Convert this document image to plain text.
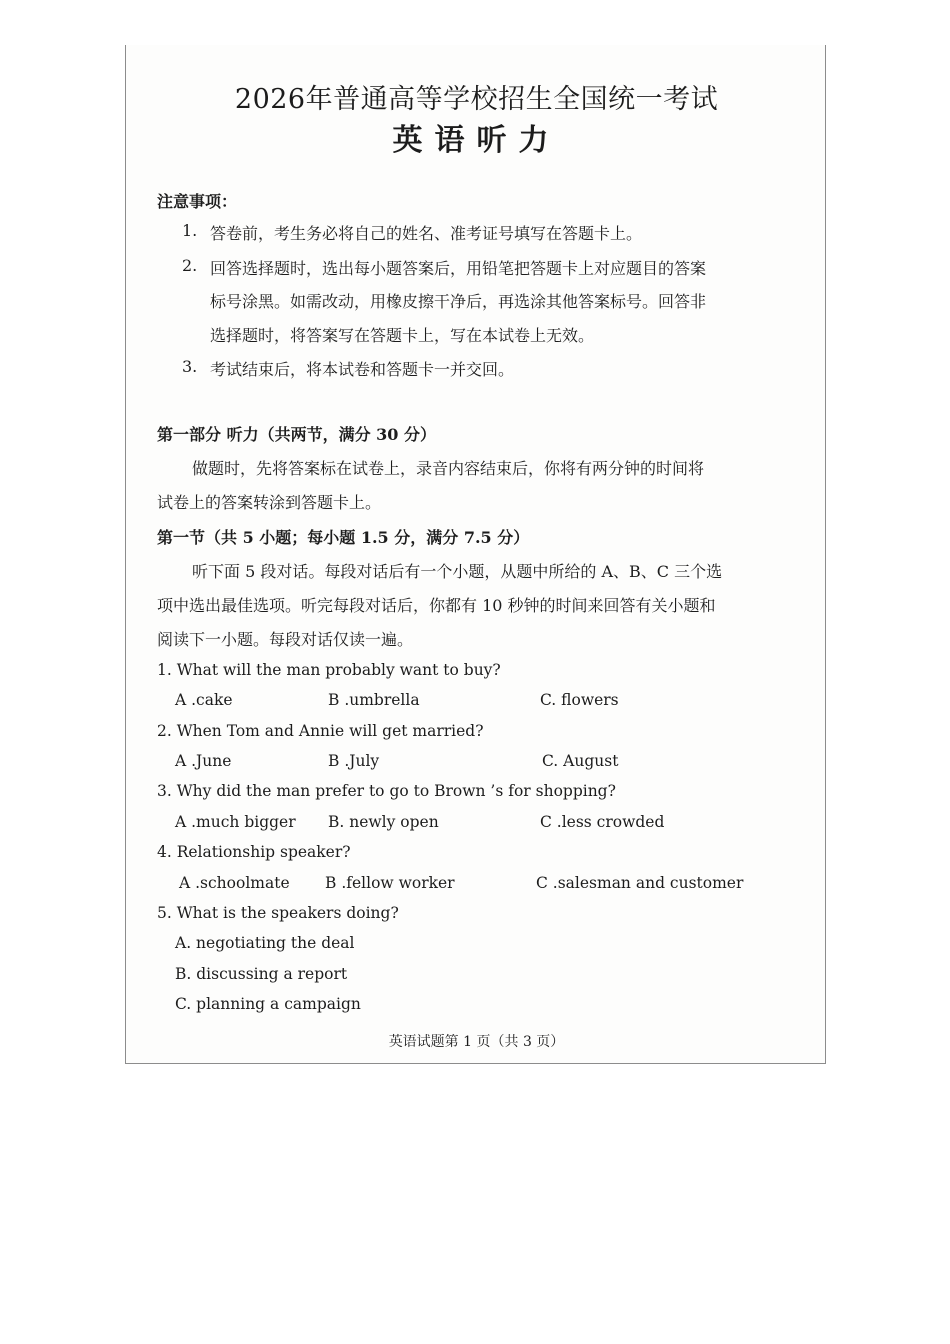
2026年普通高等学校招生全国统一考试
英语听力
注意事项：
1. 答卷前，考生务必将自己的姓名、准考证号填写在答题卡上。
2. 回答选择题时，选出每小题答案后，用铅笔把答题卡上对应题目的答案
标号涂黑。如需改动，用橡皮擦干净后，再选涂其他答案标号。回答非
选择题时，将答案写在答题卡上，写在本试卷上无效。
3. 考试结束后，将本试卷和答题卡一并交回。
第一部分 听力（共两节，满分 30 分）
做题时，先将答案标在试卷上，录音内容结束后，你将有两分钟的时间将
试卷上的答案转涂到答题卡上。
第一节（共 5 小题；每小题 1.5 分，满分 7.5 分）
听下面 5 段对话。每段对话后有一个小题，从题中所给的 A、B、C 三个选
项中选出最佳选项。听完每段对话后，你都有 10 秒钟的时间来回答有关小题和
阅读下一小题。每段对话仅读一遍。
1. What will the man probably want to buy?
A .cake	B .umbrella	C. flowers
2. When Tom and Annie will get married?
A .June	B .July	C. August
3. Why did the man prefer to go to Brown ’s for shopping?
A .much bigger B. newly open	C .less crowded
4. Relationship speaker?
A .schoolmate B .fellow worker	C .salesman and customer
5. What is the speakers doing?
A. negotiating the deal
B. discussing a report
C. planning a campaign
英语试题第 1 页（共 3 页）
